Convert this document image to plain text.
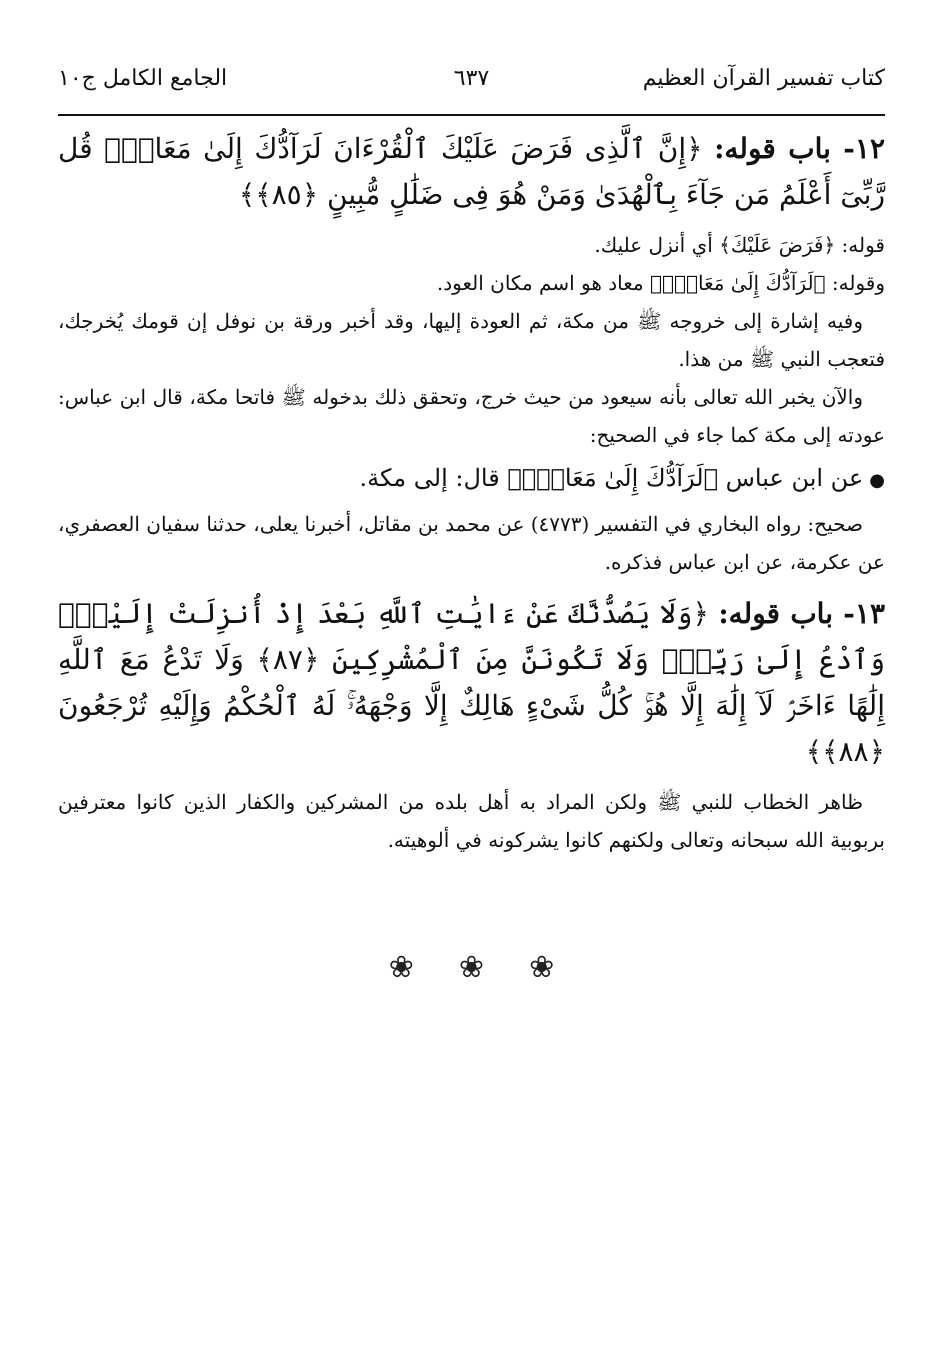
كتاب تفسير القرآن العظيم
٦٣٧
الجامع الكامل ج١٠
١٢- باب قوله: ﴿إِنَّ ٱلَّذِى فَرَضَ عَلَيْكَ ٱلْقُرْءَانَ لَرَآدُّكَ إِلَىٰ مَعَادٍۚ قُل رَّبِّىٓ أَعْلَمُ مَن جَآءَ بِٱلْهُدَىٰ وَمَنْ هُوَ فِى ضَلَٰلٍ مُّبِينٍ ﴿٨٥﴾﴾

قوله: ﴿فَرَضَ عَلَيْكَ﴾ أي أنزل عليك.

وقوله: ﴿لَرَآدُّكَ إِلَىٰ مَعَادٍۚ﴾ معاد هو اسم مكان العود.

وفيه إشارة إلى خروجه ﷺ من مكة، ثم العودة إليها، وقد أخبر ورقة بن نوفل إن قومك يُخرجك، فتعجب النبي ﷺ من هذا.

والآن يخبر الله تعالى بأنه سيعود من حيث خرج، وتحقق ذلك بدخوله ﷺ فاتحا مكة، قال ابن عباس: عودته إلى مكة كما جاء في الصحيح:

●عن ابن عباس ﴿لَرَآدُّكَ إِلَىٰ مَعَادٍۚ﴾ قال: إلى مكة.

صحيح: رواه البخاري في التفسير (٤٧٧٣) عن محمد بن مقاتل، أخبرنا يعلى، حدثنا سفيان العصفري، عن عكرمة، عن ابن عباس فذكره.

١٣- باب قوله: ﴿وَلَا يَصُدُّنَّكَ عَنْ ءَايَٰتِ ٱللَّهِ بَعْدَ إِذْ أُنزِلَتْ إِلَيْكَۖ وَٱدْعُ إِلَىٰ رَبِّكَۖ وَلَا تَكُونَنَّ مِنَ ٱلْمُشْرِكِينَ ﴿٨٧﴾ وَلَا تَدْعُ مَعَ ٱللَّهِ إِلَٰهًا ءَاخَرَۘ لَآ إِلَٰهَ إِلَّا هُوَۚ كُلُّ شَىْءٍ هَالِكٌ إِلَّا وَجْهَهُۥۚ لَهُ ٱلْحُكْمُ وَإِلَيْهِ تُرْجَعُونَ ﴿٨٨﴾﴾

ظاهر الخطاب للنبي ﷺ ولكن المراد به أهل بلده من المشركين والكفار الذين كانوا معترفين بربوبية الله سبحانه وتعالى ولكنهم كانوا يشركونه في ألوهيته.

❀ ❀ ❀
